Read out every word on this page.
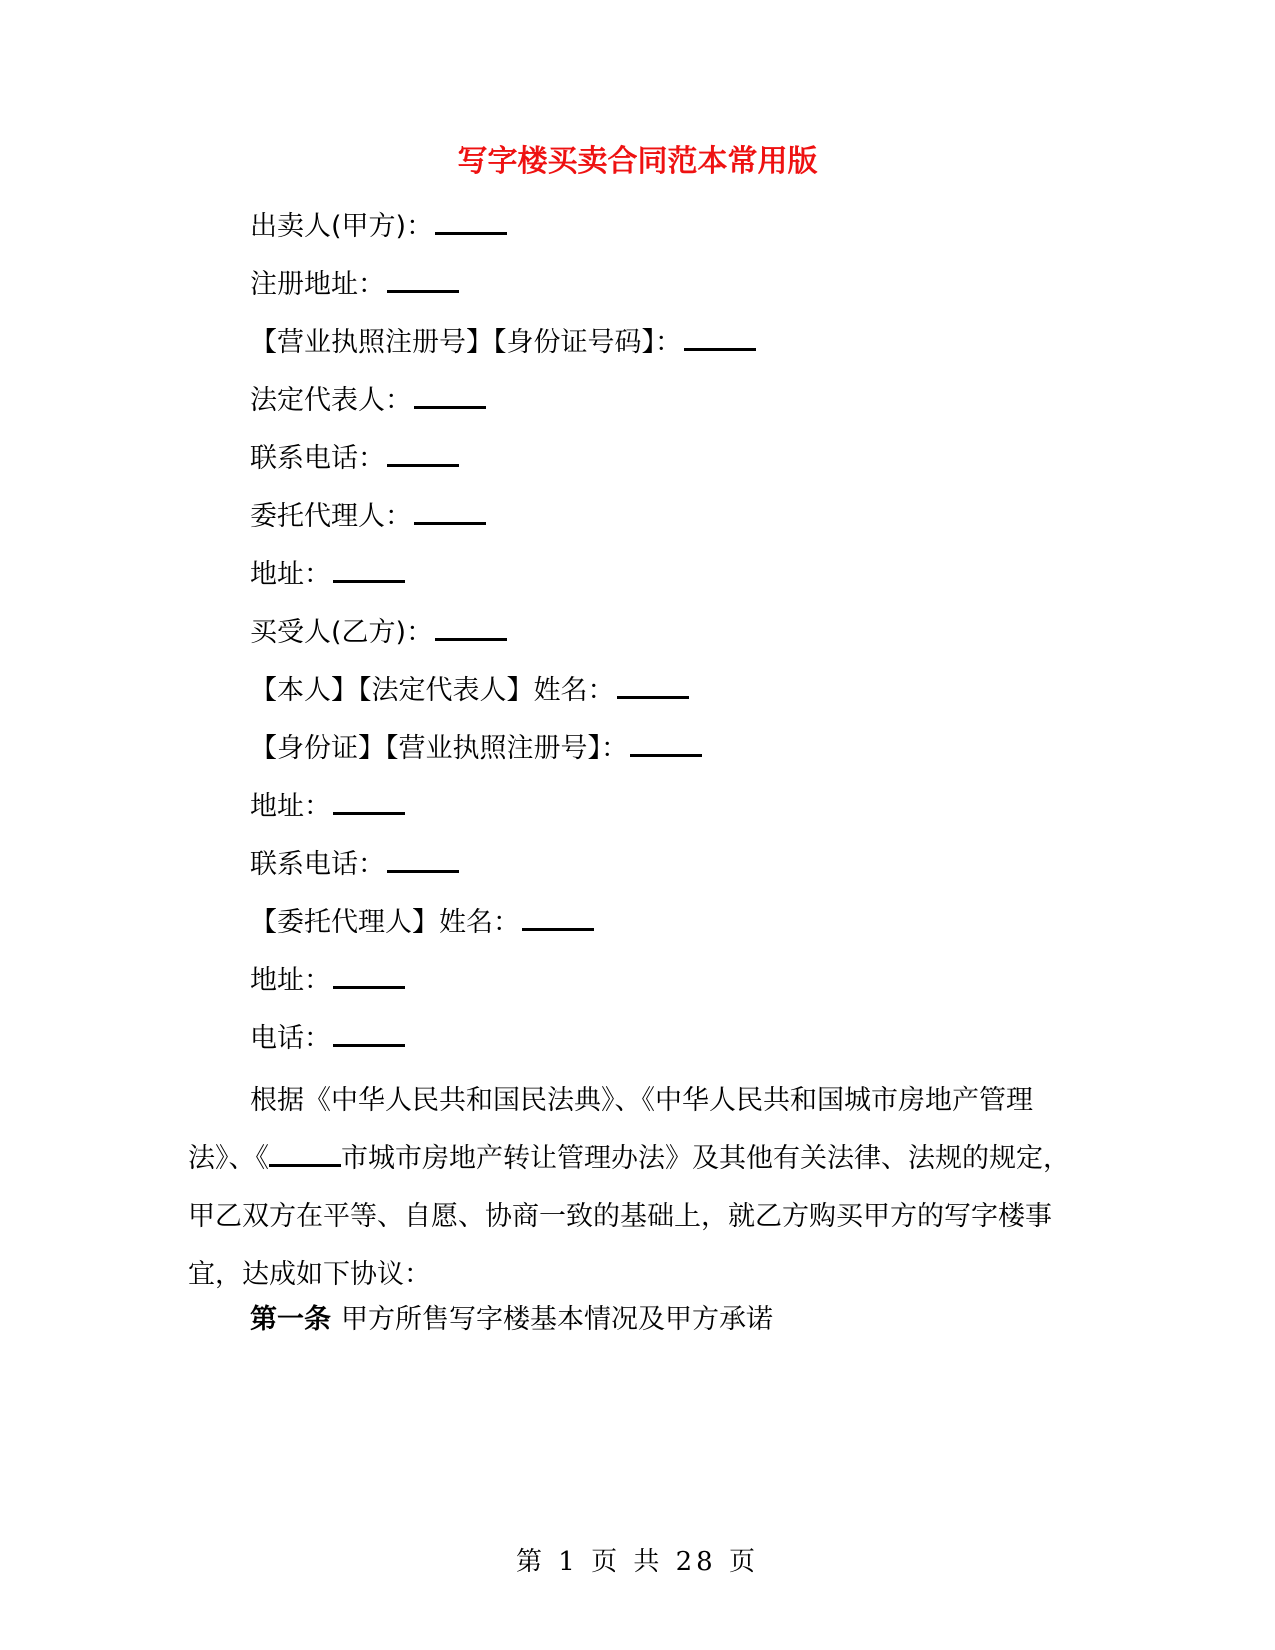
写字楼买卖合同范本常用版
出卖人(甲方)：
注册地址：
【营业执照注册号】【身份证号码】：
法定代表人：
联系电话：
委托代理人：
地址：
买受人(乙方)：
【本人】【法定代表人】姓名：
【身份证】【营业执照注册号】：
地址：
联系电话：
【委托代理人】姓名：
地址：
电话：

根据《中华人民共和国民法典》、《中华人民共和国城市房地产管理法》、《	市城市房地产转让管理办法》及其他有关法律、法规的规定，甲乙双方在平等、自愿、协商一致的基础上，就乙方购买甲方的写字楼事宜，达成如下协议：

第一条 甲方所售写字楼基本情况及甲方承诺
第 1 页 共 28 页
